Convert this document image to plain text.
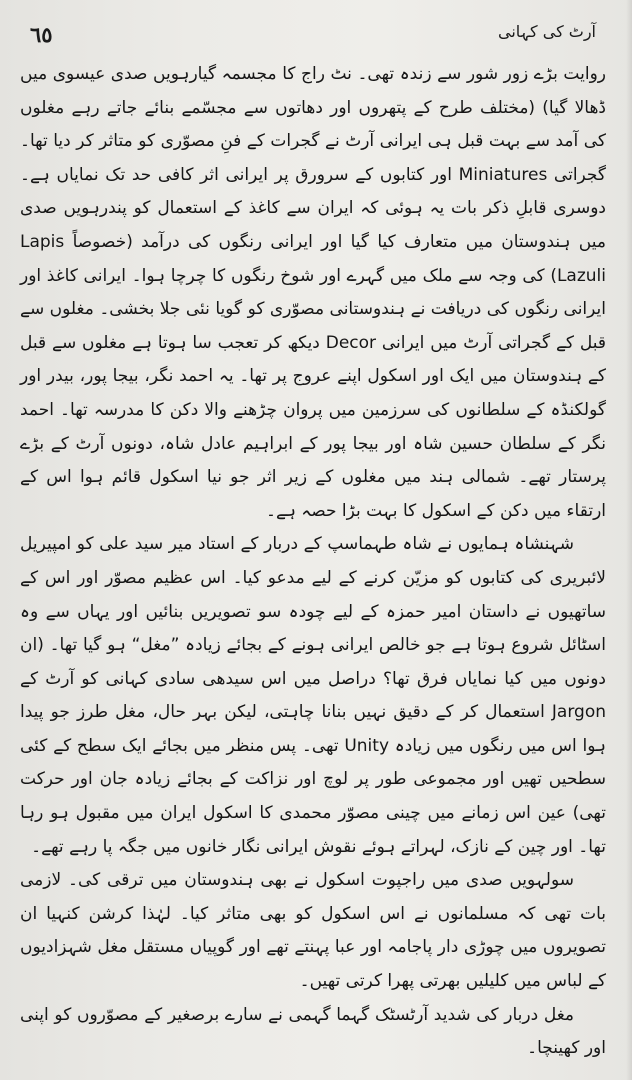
٦٥	آرٹ کی کہانی

روایت بڑے زور شور سے زندہ تھی۔ نٹ راج کا مجسمہ گیارہویں صدی عیسوی میں ڈھالا گیا) (مختلف طرح کے پتھروں اور دھاتوں سے مجسّمے بنائے جاتے رہے مغلوں کی آمد سے بہت قبل ہی ایرانی آرٹ نے گجرات کے فنِ مصوّری کو متاثر کر دیا تھا۔ گجراتی Miniatures اور کتابوں کے سرورق پر ایرانی اثر کافی حد تک نمایاں ہے۔ دوسری قابلِ ذکر بات یہ ہوئی کہ ایران سے کاغذ کے استعمال کو پندرہویں صدی میں ہندوستان میں متعارف کیا گیا اور ایرانی رنگوں کی درآمد (خصوصاً Lapis Lazuli) کی وجہ سے ملک میں گہرے اور شوخ رنگوں کا چرچا ہوا۔ ایرانی کاغذ اور ایرانی رنگوں کی دریافت نے ہندوستانی مصوّری کو گویا نئی جلا بخشی۔ مغلوں سے قبل کے گجراتی آرٹ میں ایرانی Decor دیکھ کر تعجب سا ہوتا ہے مغلوں سے قبل کے ہندوستان میں ایک اور اسکول اپنے عروج پر تھا۔ یہ احمد نگر، بیجا پور، بیدر اور گولکنڈہ کے سلطانوں کی سرزمین میں پروان چڑھنے والا دکن کا مدرسہ تھا۔ احمد نگر کے سلطان حسین شاہ اور بیجا پور کے ابراہیم عادل شاہ، دونوں آرٹ کے بڑے پرستار تھے۔ شمالی ہند میں مغلوں کے زیر اثر جو نیا اسکول قائم ہوا اس کے ارتقاء میں دکن کے اسکول کا بہت بڑا حصہ ہے۔

شہنشاہ ہمایوں نے شاہ طہماسپ کے دربار کے استاد میر سید علی کو امپیریل لائبریری کی کتابوں کو مزیّن کرنے کے لیے مدعو کیا۔ اس عظیم مصوّر اور اس کے ساتھیوں نے داستان امیر حمزہ کے لیے چودہ سو تصویریں بنائیں اور یہاں سے وہ اسٹائل شروع ہوتا ہے جو خالص ایرانی ہونے کے بجائے زیادہ ”مغل“ ہو گیا تھا۔ (ان دونوں میں کیا نمایاں فرق تھا؟ دراصل میں اس سیدھی سادی کہانی کو آرٹ کے Jargon استعمال کر کے دقیق نہیں بنانا چاہتی، لیکن بہر حال، مغل طرز جو پیدا ہوا اس میں رنگوں میں زیادہ Unity تھی۔ پس منظر میں بجائے ایک سطح کے کئی سطحیں تھیں اور مجموعی طور پر لوچ اور نزاکت کے بجائے زیادہ جان اور حرکت تھی) عین اس زمانے میں چینی مصوّر محمدی کا اسکول ایران میں مقبول ہو رہا تھا۔ اور چین کے نازک، لہراتے ہوئے نقوش ایرانی نگار خانوں میں جگہ پا رہے تھے۔

سولہویں صدی میں راجپوت اسکول نے بھی ہندوستان میں ترقی کی۔ لازمی بات تھی کہ مسلمانوں نے اس اسکول کو بھی متاثر کیا۔ لہٰذا کرشن کنہیا ان تصویروں میں چوڑی دار پاجامہ اور عبا پہنتے تھے اور گوپیاں مستقل مغل شہزادیوں کے لباس میں کلیلیں بھرتی پھرا کرتی تھیں۔

مغل دربار کی شدید آرٹسٹک گہما گہمی نے سارے برصغیر کے مصوّروں کو اپنی اور کھینچا۔
